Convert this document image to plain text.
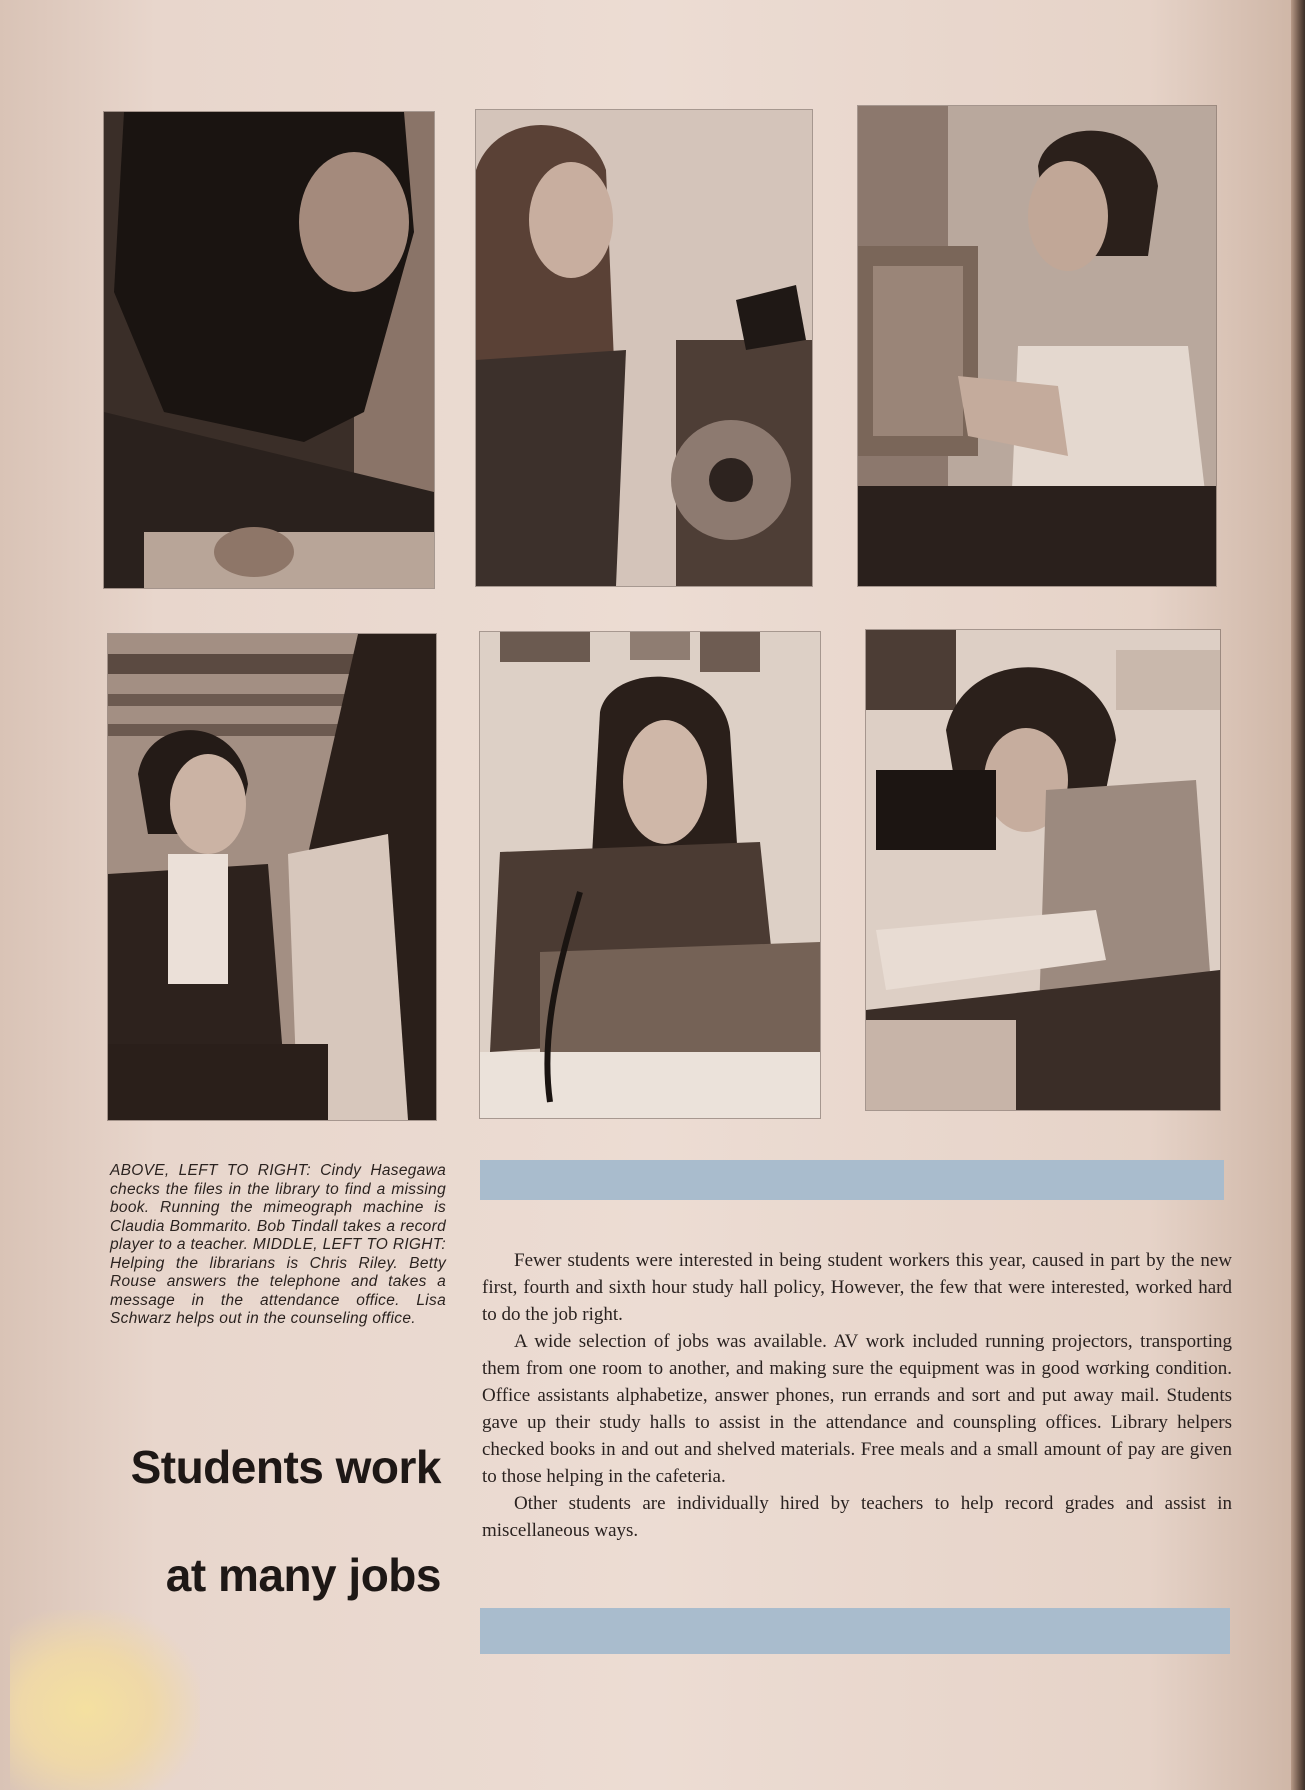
ABOVE, LEFT TO RIGHT: Cindy Hasegawa checks the files in the library to find a missing book. Running the mimeograph machine is Claudia Bommarito. Bob Tindall takes a record player to a teacher. MIDDLE, LEFT TO RIGHT: Helping the librarians is Chris Riley. Betty Rouse answers the telephone and takes a message in the attendance office. Lisa Schwarz helps out in the counseling office.

Fewer students were interested in being student workers this year, caused in part by the new first, fourth and sixth hour study hall policy, However, the few that were interested, worked hard to do the job right.

A wide selection of jobs was available. AV work included running projectors, transporting them from one room to another, and making sure the equipment was in good wσrking condition. Office assistants alphabetize, answer phones, run errands and sort and put away mail. Students gave up their study halls to assist in the attendance and counsρling offices. Library helpers checked books in and out and shelved materials. Free meals and a small amount of pay are given to those helping in the cafeteria.

Other students are individually hired by teachers to help record grades and assist in miscellaneous ways.

Students work
at many jobs
